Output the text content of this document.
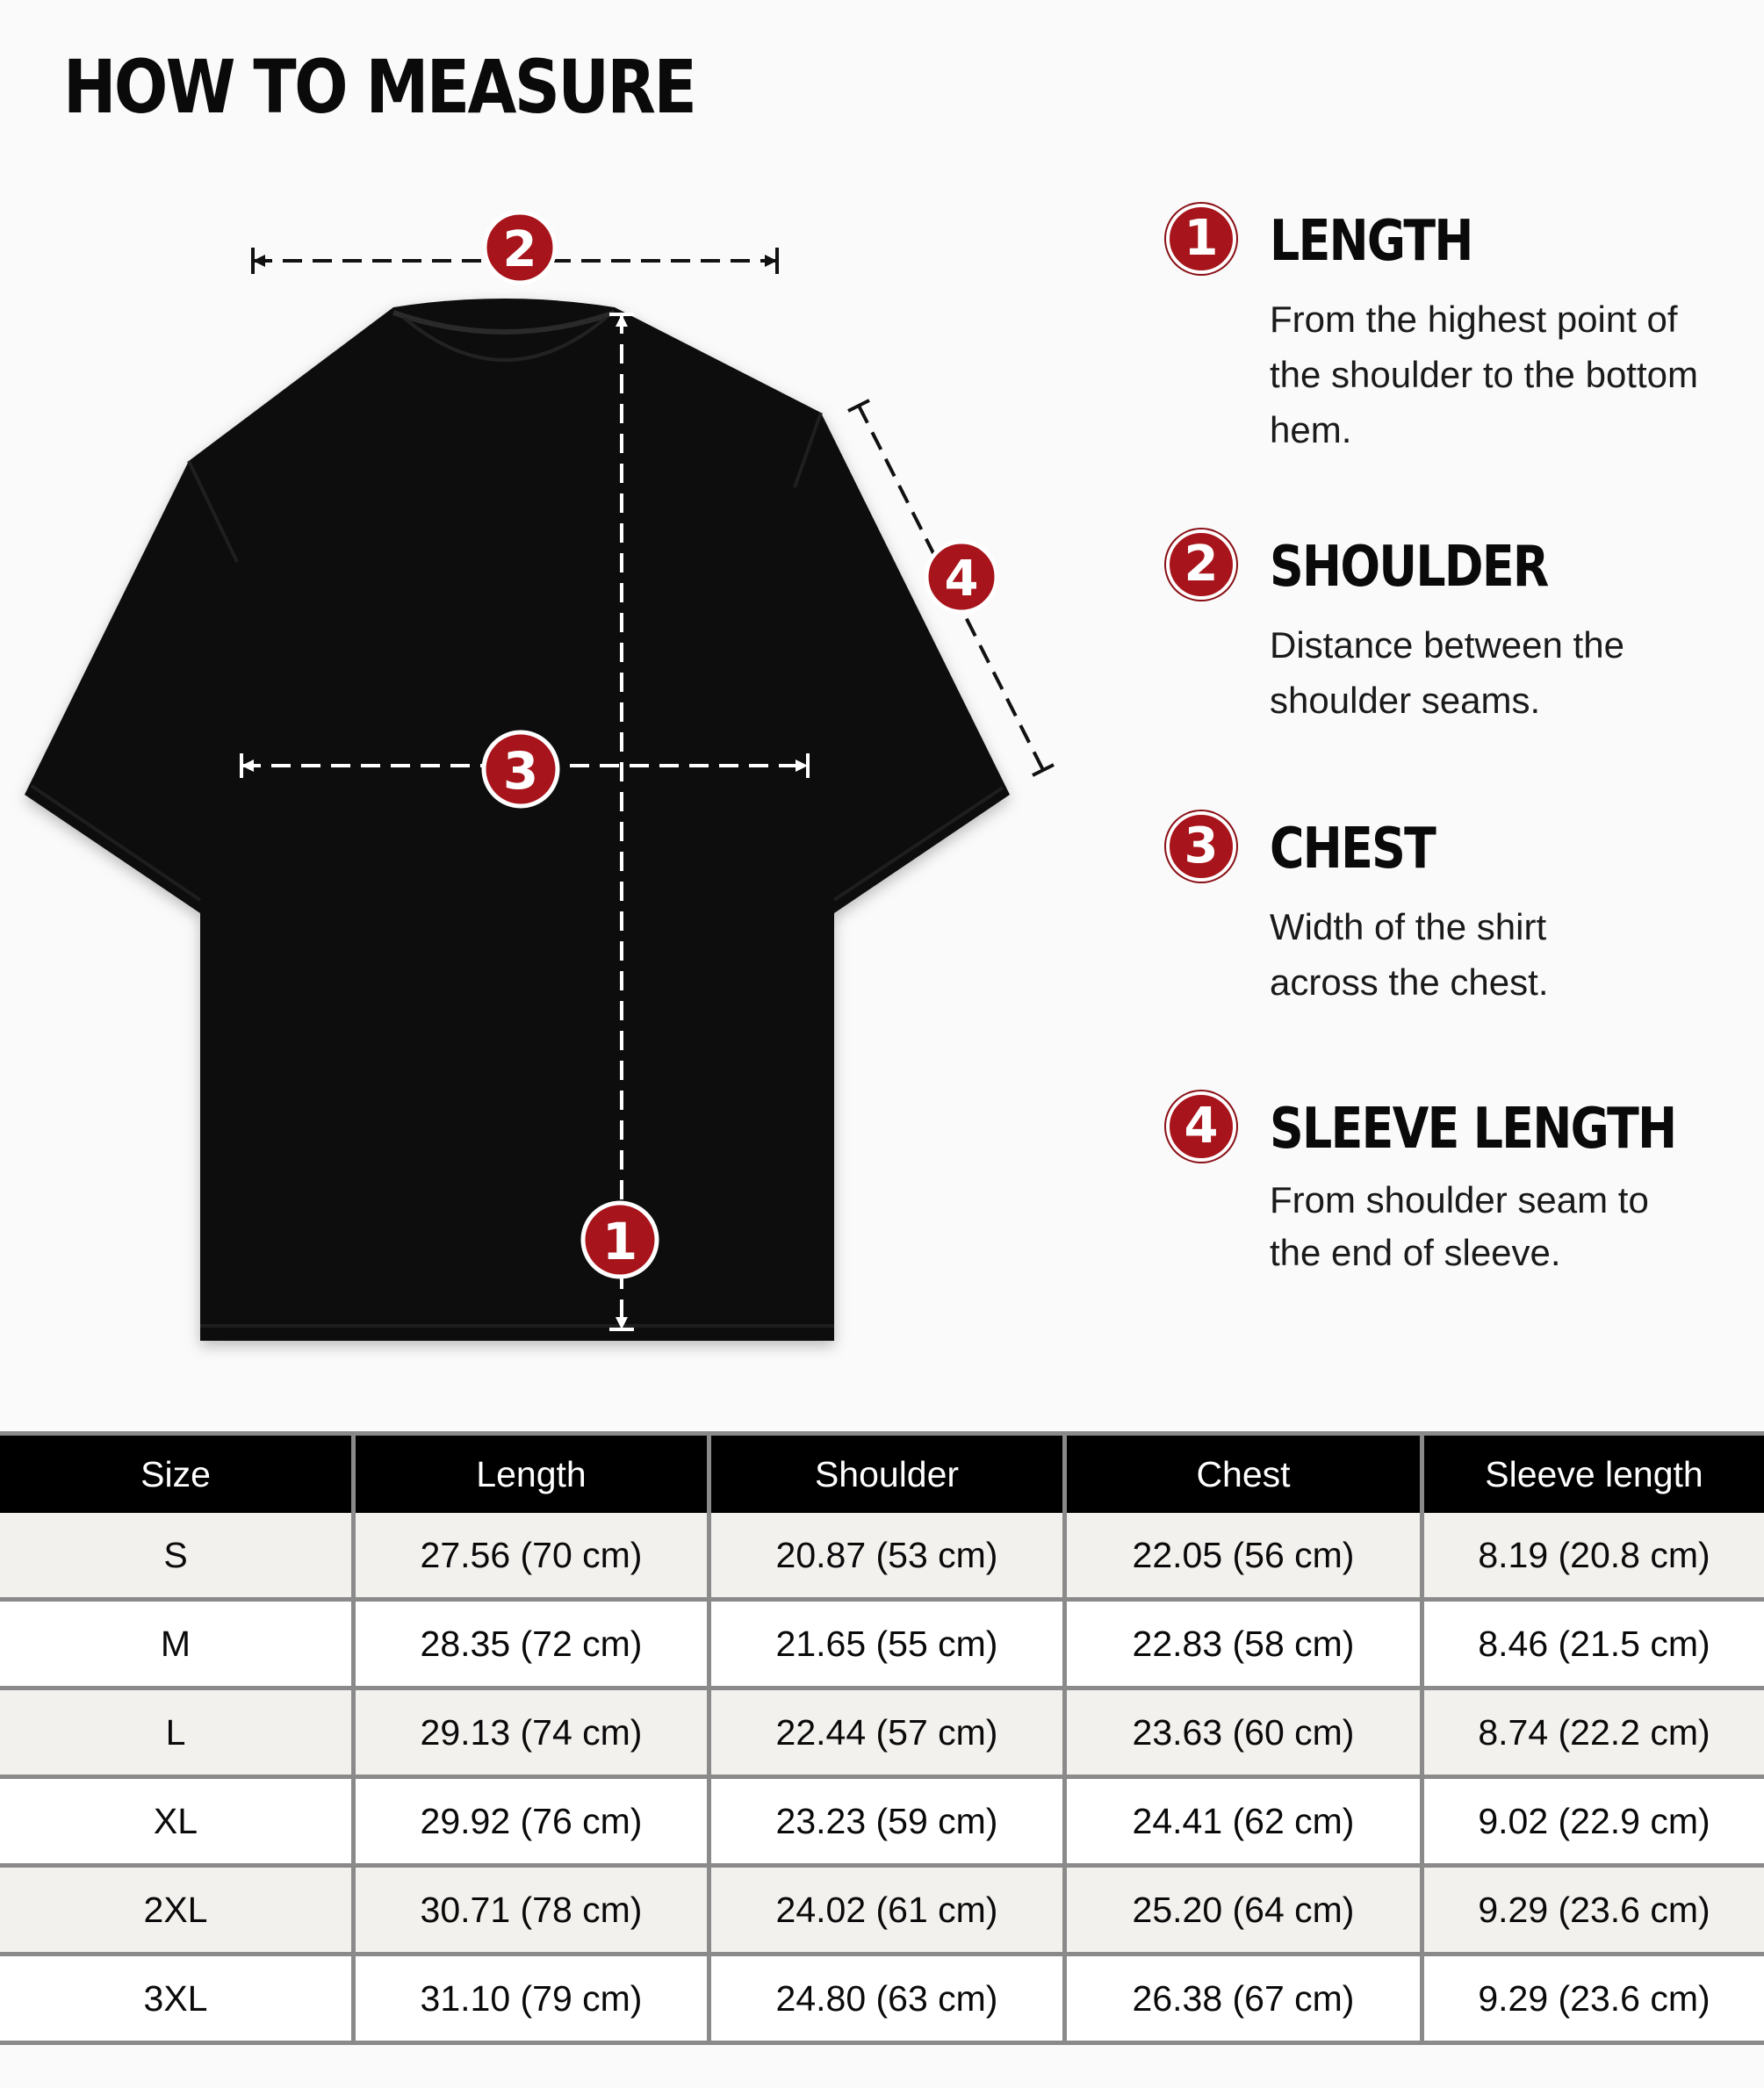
HOW TO MEASURE
2
1
3
4
1 LENGTH
From the highest point of the shoulder to the bottom hem.
2 SHOULDER
Distance between the shoulder seams.
3 CHEST
Width of the shirt across the chest.
4 SLEEVE LENGTH
From shoulder seam to the end of sleeve.
Size	Length	Shoulder	Chest	Sleeve length
S	27.56 (70 cm)	20.87 (53 cm)	22.05 (56 cm)	8.19 (20.8 cm)
M	28.35 (72 cm)	21.65 (55 cm)	22.83 (58 cm)	8.46 (21.5 cm)
L	29.13 (74 cm)	22.44 (57 cm)	23.63 (60 cm)	8.74 (22.2 cm)
XL	29.92 (76 cm)	23.23 (59 cm)	24.41 (62 cm)	9.02 (22.9 cm)
2XL	30.71 (78 cm)	24.02 (61 cm)	25.20 (64 cm)	9.29 (23.6 cm)
3XL	31.10 (79 cm)	24.80 (63 cm)	26.38 (67 cm)	9.29 (23.6 cm)
